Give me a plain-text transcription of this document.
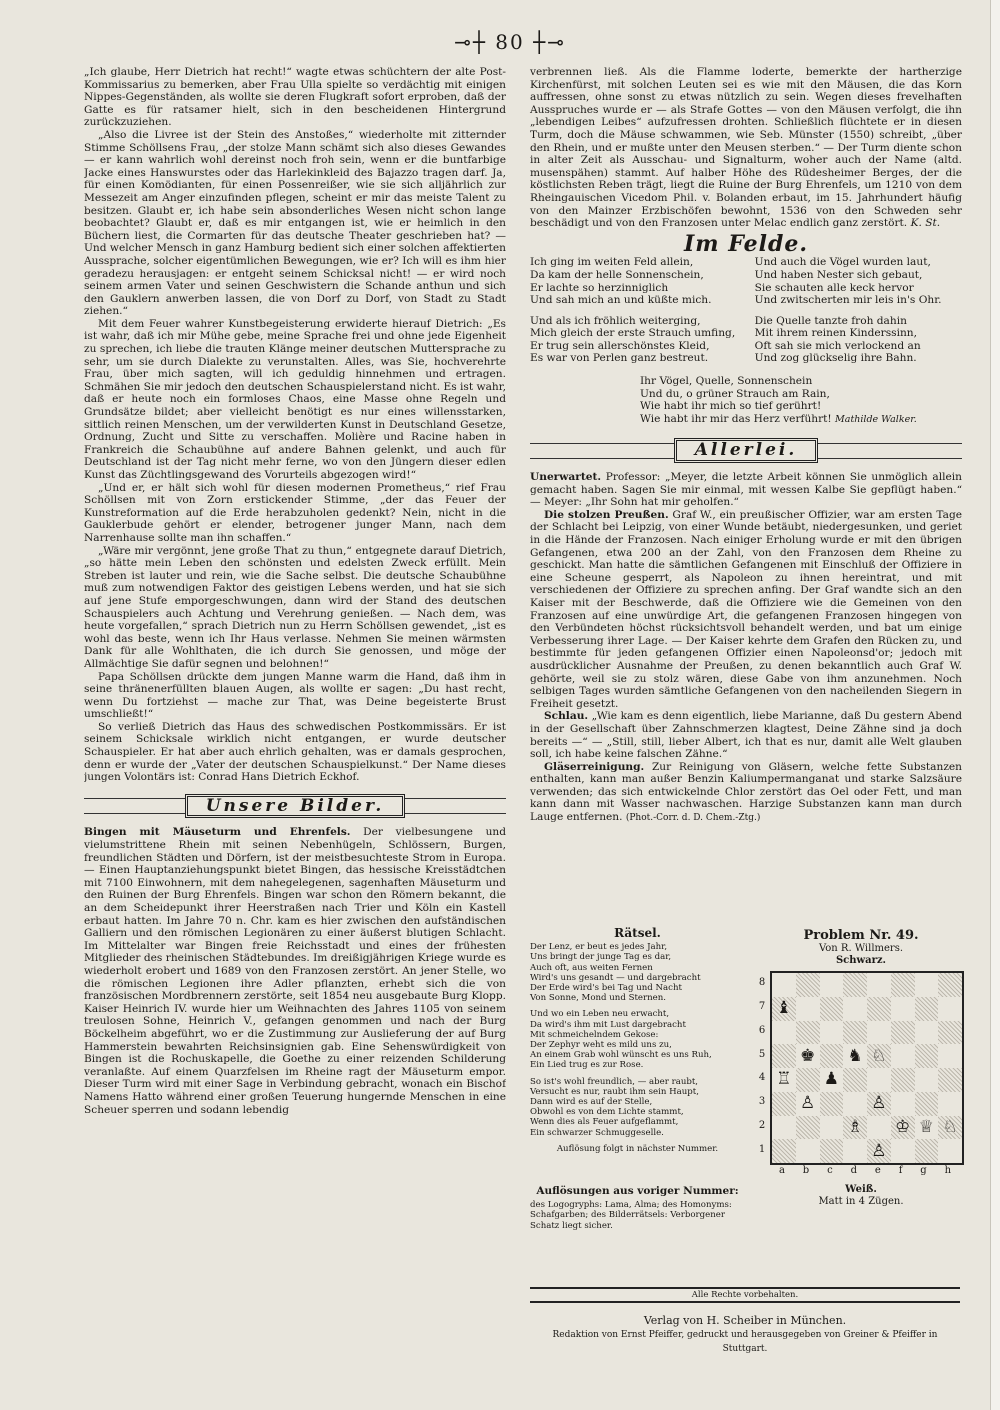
⊸┼ 80 ┼⊸

„Ich glaube, Herr Dietrich hat recht!“ wagte etwas schüchtern der alte Post-Kommissarius zu bemerken, aber Frau Ulla spielte so verdächtig mit einigen Nippes-Gegenständen, als wollte sie deren Flugkraft sofort erproben, daß der Gatte es für ratsamer hielt, sich in den bescheidenen Hintergrund zurückzuziehen.

„Also die Livree ist der Stein des Anstoßes,“ wiederholte mit zitternder Stimme Schöllsens Frau, „der stolze Mann schämt sich also dieses Gewandes — er kann wahrlich wohl dereinst noch froh sein, wenn er die buntfarbige Jacke eines Hanswurstes oder das Harlekinkleid des Bajazzo tragen darf. Ja, für einen Komödianten, für einen Possenreißer, wie sie sich alljährlich zur Messezeit am Anger einzufinden pflegen, scheint er mir das meiste Talent zu besitzen. Glaubt er, ich habe sein absonderliches Wesen nicht schon lange beobachtet? Glaubt er, daß es mir entgangen ist, wie er heimlich in den Büchern liest, die Cormarten für das deutsche Theater geschrieben hat? — Und welcher Mensch in ganz Hamburg bedient sich einer solchen affektierten Aussprache, solcher eigentümlichen Bewegungen, wie er? Ich will es ihm hier geradezu herausjagen: er entgeht seinem Schicksal nicht! — er wird noch seinem armen Vater und seinen Geschwistern die Schande anthun und sich den Gauklern anwerben lassen, die von Dorf zu Dorf, von Stadt zu Stadt ziehen.“

Mit dem Feuer wahrer Kunstbegeisterung erwiderte hierauf Dietrich: „Es ist wahr, daß ich mir Mühe gebe, meine Sprache frei und ohne jede Eigenheit zu sprechen, ich liebe die trauten Klänge meiner deutschen Muttersprache zu sehr, um sie durch Dialekte zu verunstalten. Alles, was Sie, hochverehrte Frau, über mich sagten, will ich geduldig hinnehmen und ertragen. Schmähen Sie mir jedoch den deutschen Schauspielerstand nicht. Es ist wahr, daß er heute noch ein formloses Chaos, eine Masse ohne Regeln und Grundsätze bildet; aber vielleicht benötigt es nur eines willensstarken, sittlich reinen Menschen, um der verwilderten Kunst in Deutschland Gesetze, Ordnung, Zucht und Sitte zu verschaffen. Molière und Racine haben in Frankreich die Schaubühne auf andere Bahnen gelenkt, und auch für Deutschland ist der Tag nicht mehr ferne, wo von den Jüngern dieser edlen Kunst das Züchtlingsgewand des Vorurteils abgezogen wird!“

„Und er, er hält sich wohl für diesen modernen Prometheus,“ rief Frau Schöllsen mit von Zorn erstickender Stimme, „der das Feuer der Kunstreformation auf die Erde herabzuholen gedenkt? Nein, nicht in die Gauklerbude gehört er elender, betrogener junger Mann, nach dem Narrenhause sollte man ihn schaffen.“

„Wäre mir vergönnt, jene große That zu thun,“ entgegnete darauf Dietrich, „so hätte mein Leben den schönsten und edelsten Zweck erfüllt. Mein Streben ist lauter und rein, wie die Sache selbst. Die deutsche Schaubühne muß zum notwendigen Faktor des geistigen Lebens werden, und hat sie sich auf jene Stufe emporgeschwungen, dann wird der Stand des deutschen Schauspielers auch Achtung und Verehrung genießen. — Nach dem, was heute vorgefallen,“ sprach Dietrich nun zu Herrn Schöllsen gewendet, „ist es wohl das beste, wenn ich Ihr Haus verlasse. Nehmen Sie meinen wärmsten Dank für alle Wohlthaten, die ich durch Sie genossen, und möge der Allmächtige Sie dafür segnen und belohnen!“

Papa Schöllsen drückte dem jungen Manne warm die Hand, daß ihm in seine thränenerfüllten blauen Augen, als wollte er sagen: „Du hast recht, wenn Du fortziehst — mache zur That, was Deine begeisterte Brust umschließt!“

So verließ Dietrich das Haus des schwedischen Postkommissärs. Er ist seinem Schicksale wirklich nicht entgangen, er wurde deutscher Schauspieler. Er hat aber auch ehrlich gehalten, was er damals gesprochen, denn er wurde der „Vater der deutschen Schauspielkunst.“ Der Name dieses jungen Volontärs ist: Conrad Hans Dietrich Eckhof.

Unsere Bilder.

Bingen mit Mäuseturm und Ehrenfels. Der vielbesungene und vielumstrittene Rhein mit seinen Nebenhügeln, Schlössern, Burgen, freundlichen Städten und Dörfern, ist der meistbesuchteste Strom in Europa. — Einen Hauptanziehungspunkt bietet Bingen, das hessische Kreisstädtchen mit 7100 Einwohnern, mit dem nahegelegenen, sagenhaften Mäuseturm und den Ruinen der Burg Ehrenfels. Bingen war schon den Römern bekannt, die an dem Scheidepunkt ihrer Heerstraßen nach Trier und Köln ein Kastell erbaut hatten. Im Jahre 70 n. Chr. kam es hier zwischen den aufständischen Galliern und den römischen Legionären zu einer äußerst blutigen Schlacht. Im Mittelalter war Bingen freie Reichsstadt und eines der frühesten Mitglieder des rheinischen Städtebundes. Im dreißigjährigen Kriege wurde es wiederholt erobert und 1689 von den Franzosen zerstört. An jener Stelle, wo die römischen Legionen ihre Adler pflanzten, erhebt sich die von französischen Mordbrennern zerstörte, seit 1854 neu ausgebaute Burg Klopp. Kaiser Heinrich IV. wurde hier um Weihnachten des Jahres 1105 von seinem treulosen Sohne, Heinrich V., gefangen genommen und nach der Burg Böckelheim abgeführt, wo er die Zustimmung zur Auslieferung der auf Burg Hammerstein bewahrten Reichsinsignien gab. Eine Sehenswürdigkeit von Bingen ist die Rochuskapelle, die Goethe zu einer reizenden Schilderung veranlaßte. Auf einem Quarzfelsen im Rheine ragt der Mäuseturm empor. Dieser Turm wird mit einer Sage in Verbindung gebracht, wonach ein Bischof Namens Hatto während einer großen Teuerung hungernde Menschen in eine Scheuer sperren und sodann lebendig

verbrennen ließ. Als die Flamme loderte, bemerkte der hartherzige Kirchenfürst, mit solchen Leuten sei es wie mit den Mäusen, die das Korn auffressen, ohne sonst zu etwas nützlich zu sein. Wegen dieses frevelhaften Ausspruches wurde er — als Strafe Gottes — von den Mäusen verfolgt, die ihn „lebendigen Leibes“ aufzufressen drohten. Schließlich flüchtete er in diesen Turm, doch die Mäuse schwammen, wie Seb. Münster (1550) schreibt, „über den Rhein, und er mußte unter den Meusen sterben.“ — Der Turm diente schon in alter Zeit als Ausschau- und Signalturm, woher auch der Name (altd. musenspähen) stammt. Auf halber Höhe des Rüdesheimer Berges, der die köstlichsten Reben trägt, liegt die Ruine der Burg Ehrenfels, um 1210 von dem Rheingauischen Vicedom Phil. v. Bolanden erbaut, im 15. Jahrhundert häufig von den Mainzer Erzbischöfen bewohnt, 1536 von den Schweden sehr beschädigt und von den Franzosen unter Melac endlich ganz zerstört. K. St.

Im Felde.
Ich ging im weiten Feld allein,
Da kam der helle Sonnenschein,
Er lachte so herzinniglich
Und sah mich an und küßte mich.
Und auch die Vögel wurden laut,
Und haben Nester sich gebaut,
Sie schauten alle keck hervor
Und zwitscherten mir leis in's Ohr.
Und als ich fröhlich weiterging,
Mich gleich der erste Strauch umfing,
Er trug sein allerschönstes Kleid,
Es war von Perlen ganz bestreut.
Die Quelle tanzte froh dahin
Mit ihrem reinen Kinderssinn,
Oft sah sie mich verlockend an
Und zog glückselig ihre Bahn.
Ihr Vögel, Quelle, Sonnenschein
Und du, o grüner Strauch am Rain,
Wie habt ihr mich so tief gerührt!
Wie habt ihr mir das Herz verführt! Mathilde Walker.
Allerlei.

Unerwartet. Professor: „Meyer, die letzte Arbeit können Sie unmöglich allein gemacht haben. Sagen Sie mir einmal, mit wessen Kalbe Sie gepflügt haben.“ — Meyer: „Ihr Sohn hat mir geholfen.“

Die stolzen Preußen. Graf W., ein preußischer Offizier, war am ersten Tage der Schlacht bei Leipzig, von einer Wunde betäubt, niedergesunken, und geriet in die Hände der Franzosen. Nach einiger Erholung wurde er mit den übrigen Gefangenen, etwa 200 an der Zahl, von den Franzosen dem Rheine zu geschickt. Man hatte die sämtlichen Gefangenen mit Einschluß der Offiziere in eine Scheune gesperrt, als Napoleon zu ihnen hereintrat, und mit verschiedenen der Offiziere zu sprechen anfing. Der Graf wandte sich an den Kaiser mit der Beschwerde, daß die Offiziere wie die Gemeinen von den Franzosen auf eine unwürdige Art, die gefangenen Franzosen hingegen von den Verbündeten höchst rücksichtsvoll behandelt werden, und bat um einige Verbesserung ihrer Lage. — Der Kaiser kehrte dem Grafen den Rücken zu, und bestimmte für jeden gefangenen Offizier einen Napoleonsd'or; jedoch mit ausdrücklicher Ausnahme der Preußen, zu denen bekanntlich auch Graf W. gehörte, weil sie zu stolz wären, diese Gabe von ihm anzunehmen. Noch selbigen Tages wurden sämtliche Gefangenen von den nacheilenden Siegern in Freiheit gesetzt.

Schlau. „Wie kam es denn eigentlich, liebe Marianne, daß Du gestern Abend in der Gesellschaft über Zahnschmerzen klagtest, Deine Zähne sind ja doch bereits —“ — „Still, still, lieber Albert, ich that es nur, damit alle Welt glauben soll, ich habe keine falschen Zähne.“

Gläserreinigung. Zur Reinigung von Gläsern, welche fette Substanzen enthalten, kann man außer Benzin Kaliumpermanganat und starke Salzsäure verwenden; das sich entwickelnde Chlor zerstört das Oel oder Fett, und man kann dann mit Wasser nachwaschen. Harzige Substanzen kann man durch Lauge entfernen. (Phot.-Corr. d. D. Chem.-Ztg.)

Rätsel.
Der Lenz, er beut es jedes Jahr,
Uns bringt der junge Tag es dar,
Auch oft, aus weiten Fernen
Wird's uns gesandt — und dargebracht
Der Erde wird's bei Tag und Nacht
Von Sonne, Mond und Sternen.
Und wo ein Leben neu erwacht,
Da wird's ihm mit Lust dargebracht
Mit schmeichelndem Gekose:
Der Zephyr weht es mild uns zu,
An einem Grab wohl wünscht es uns Ruh,
Ein Lied trug es zur Rose.
So ist's wohl freundlich, — aber raubt,
Versucht es nur, raubt ihm sein Haupt,
Dann wird es auf der Stelle,
Obwohl es von dem Lichte stammt,
Wenn dies als Feuer aufgeflammt,
Ein schwarzer Schmuggeselle.
Auflösung folgt in nächster Nummer.
Problem Nr. 49.
Von R. Willmers.
Schwarz.
8
7
6
5
4
3
2
1
♝
♚ ♞ ♘
♖ ♟
♙	♙
♗ ♔ ♕ ♘
♙
a b c d e f g h
Weiß.
Matt in 4 Zügen.
Auflösungen aus voriger Nummer:
des Logogryphs: Lama, Alma; des Homonyms: Schafgarben; des Bilderrätsels: Verborgener Schatz liegt sicher.
Alle Rechte vorbehalten.
Verlag von H. Scheiber in München.
Redaktion von Ernst Pfeiffer, gedruckt und herausgegeben von Greiner & Pfeiffer in Stuttgart.
